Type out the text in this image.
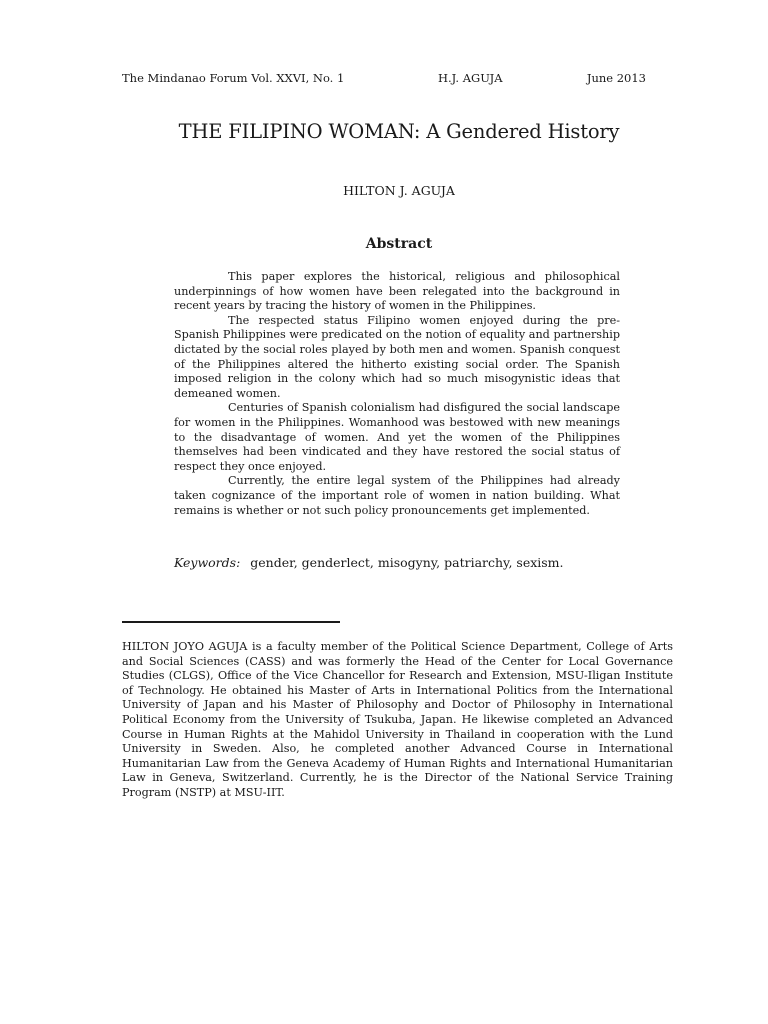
The Mindanao Forum Vol. XXVI, No. 1	H.J. AGUJA	June 2013
THE FILIPINO WOMAN: A Gendered History
HILTON J. AGUJA
Abstract

This paper explores the historical, religious and philosophical underpinnings of how women have been relegated into the background in recent years by tracing the history of women in the Philippines.

The respected status Filipino women enjoyed during the pre-Spanish Philippines were predicated on the notion of equality and partnership dictated by the social roles played by both men and women. Spanish conquest of the Philippines altered the hitherto existing social order. The Spanish imposed religion in the colony which had so much misogynistic ideas that demeaned women.

Centuries of Spanish colonialism had disfigured the social landscape for women in the Philippines. Womanhood was bestowed with new meanings to the disadvantage of women. And yet the women of the Philippines themselves had been vindicated and they have restored the social status of respect they once enjoyed.

Currently, the entire legal system of the Philippines had already taken cognizance of the important role of women in nation building. What remains is whether or not such policy pronouncements get implemented.

Keywords: gender, genderlect, misogyny, patriarchy, sexism.

HILTON JOYO AGUJA is a faculty member of the Political Science Department, College of Arts and Social Sciences (CASS) and was formerly the Head of the Center for Local Governance Studies (CLGS), Office of the Vice Chancellor for Research and Extension, MSU-Iligan Institute of Technology. He obtained his Master of Arts in International Politics from the International University of Japan and his Master of Philosophy and Doctor of Philosophy in International Political Economy from the University of Tsukuba, Japan. He likewise completed an Advanced Course in Human Rights at the Mahidol University in Thailand in cooperation with the Lund University in Sweden. Also, he completed another Advanced Course in International Humanitarian Law from the Geneva Academy of Human Rights and International Humanitarian Law in Geneva, Switzerland. Currently, he is the Director of the National Service Training Program (NSTP) at MSU-IIT.
